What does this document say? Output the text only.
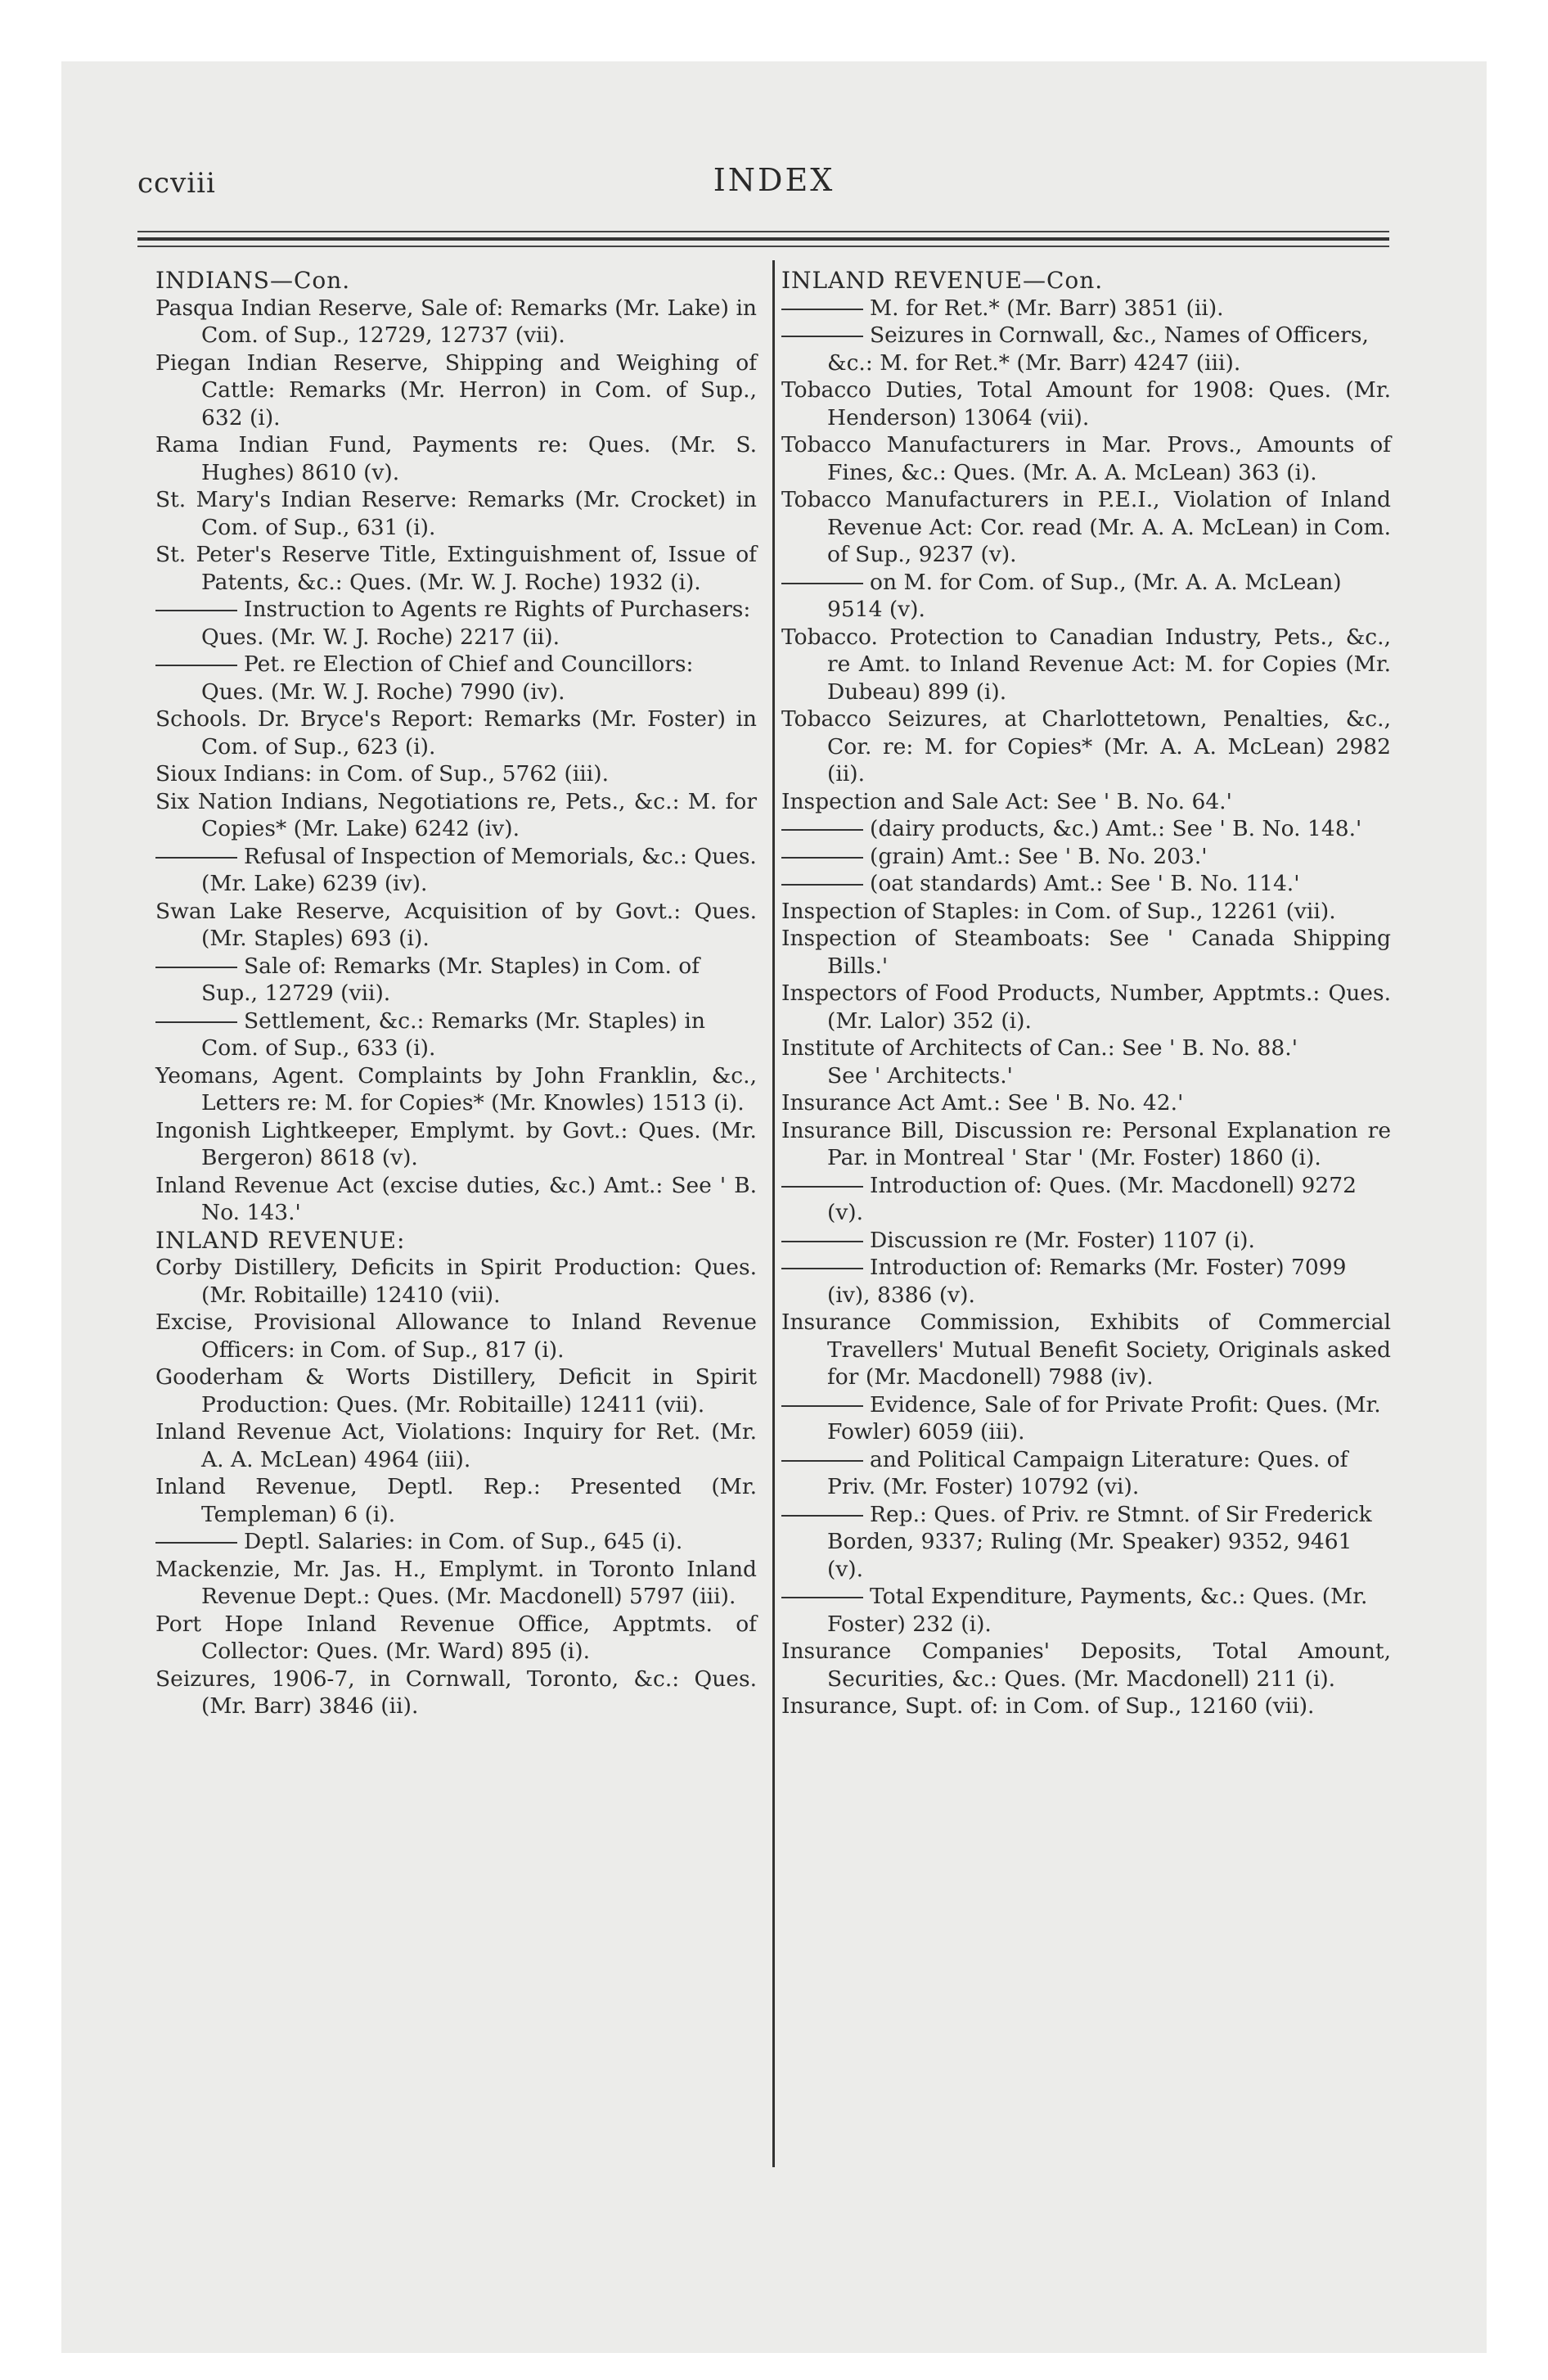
ccviii	INDEX
INDIANS—Con.
Pasqua Indian Reserve, Sale of: Remarks (Mr. Lake) in Com. of Sup., 12729, 12737 (vii).
Piegan Indian Reserve, Shipping and Weighing of Cattle: Remarks (Mr. Herron) in Com. of Sup., 632 (i).
Rama Indian Fund, Payments re: Ques. (Mr. S. Hughes) 8610 (v).
St. Mary's Indian Reserve: Remarks (Mr. Crocket) in Com. of Sup., 631 (i).
St. Peter's Reserve Title, Extinguishment of, Issue of Patents, &c.: Ques. (Mr. W. J. Roche) 1932 (i).
Instruction to Agents re Rights of Purchasers: Ques. (Mr. W. J. Roche) 2217 (ii).
Pet. re Election of Chief and Councillors: Ques. (Mr. W. J. Roche) 7990 (iv).
Schools. Dr. Bryce's Report: Remarks (Mr. Foster) in Com. of Sup., 623 (i).
Sioux Indians: in Com. of Sup., 5762 (iii).
Six Nation Indians, Negotiations re, Pets., &c.: M. for Copies* (Mr. Lake) 6242 (iv).
Refusal of Inspection of Memorials, &c.: Ques. (Mr. Lake) 6239 (iv).
Swan Lake Reserve, Acquisition of by Govt.: Ques. (Mr. Staples) 693 (i).
Sale of: Remarks (Mr. Staples) in Com. of Sup., 12729 (vii).
Settlement, &c.: Remarks (Mr. Staples) in Com. of Sup., 633 (i).
Yeomans, Agent. Complaints by John Franklin, &c., Letters re: M. for Copies* (Mr. Knowles) 1513 (i).
Ingonish Lightkeeper, Emplymt. by Govt.: Ques. (Mr. Bergeron) 8618 (v).
Inland Revenue Act (excise duties, &c.) Amt.: See ' B. No. 143.'
INLAND REVENUE:
Corby Distillery, Deficits in Spirit Production: Ques. (Mr. Robitaille) 12410 (vii).
Excise, Provisional Allowance to Inland Revenue Officers: in Com. of Sup., 817 (i).
Gooderham & Worts Distillery, Deficit in Spirit Production: Ques. (Mr. Robitaille) 12411 (vii).
Inland Revenue Act, Violations: Inquiry for Ret. (Mr. A. A. McLean) 4964 (iii).
Inland Revenue, Deptl. Rep.: Presented (Mr. Templeman) 6 (i).
Deptl. Salaries: in Com. of Sup., 645 (i).
Mackenzie, Mr. Jas. H., Emplymt. in Toronto Inland Revenue Dept.: Ques. (Mr. Macdonell) 5797 (iii).
Port Hope Inland Revenue Office, Apptmts. of Collector: Ques. (Mr. Ward) 895 (i).
Seizures, 1906-7, in Cornwall, Toronto, &c.: Ques. (Mr. Barr) 3846 (ii).
INLAND REVENUE—Con.
M. for Ret.* (Mr. Barr) 3851 (ii).
Seizures in Cornwall, &c., Names of Officers, &c.: M. for Ret.* (Mr. Barr) 4247 (iii).
Tobacco Duties, Total Amount for 1908: Ques. (Mr. Henderson) 13064 (vii).
Tobacco Manufacturers in Mar. Provs., Amounts of Fines, &c.: Ques. (Mr. A. A. McLean) 363 (i).
Tobacco Manufacturers in P.E.I., Violation of Inland Revenue Act: Cor. read (Mr. A. A. McLean) in Com. of Sup., 9237 (v).
on M. for Com. of Sup., (Mr. A. A. McLean) 9514 (v).
Tobacco. Protection to Canadian Industry, Pets., &c., re Amt. to Inland Revenue Act: M. for Copies (Mr. Dubeau) 899 (i).
Tobacco Seizures, at Charlottetown, Penalties, &c., Cor. re: M. for Copies* (Mr. A. A. McLean) 2982 (ii).
Inspection and Sale Act: See ' B. No. 64.'
(dairy products, &c.) Amt.: See ' B. No. 148.'
(grain) Amt.: See ' B. No. 203.'
(oat standards) Amt.: See ' B. No. 114.'
Inspection of Staples: in Com. of Sup., 12261 (vii).
Inspection of Steamboats: See ' Canada Shipping Bills.'
Inspectors of Food Products, Number, Apptmts.: Ques. (Mr. Lalor) 352 (i).
Institute of Architects of Can.: See ' B. No. 88.'
See ' Architects.'
Insurance Act Amt.: See ' B. No. 42.'
Insurance Bill, Discussion re: Personal Explanation re Par. in Montreal ' Star ' (Mr. Foster) 1860 (i).
Introduction of: Ques. (Mr. Macdonell) 9272 (v).
Discussion re (Mr. Foster) 1107 (i).
Introduction of: Remarks (Mr. Foster) 7099 (iv), 8386 (v).
Insurance Commission, Exhibits of Commercial Travellers' Mutual Benefit Society, Originals asked for (Mr. Macdonell) 7988 (iv).
Evidence, Sale of for Private Profit: Ques. (Mr. Fowler) 6059 (iii).
and Political Campaign Literature: Ques. of Priv. (Mr. Foster) 10792 (vi).
Rep.: Ques. of Priv. re Stmnt. of Sir Frederick Borden, 9337; Ruling (Mr. Speaker) 9352, 9461 (v).
Total Expenditure, Payments, &c.: Ques. (Mr. Foster) 232 (i).
Insurance Companies' Deposits, Total Amount, Securities, &c.: Ques. (Mr. Macdonell) 211 (i).
Insurance, Supt. of: in Com. of Sup., 12160 (vii).
